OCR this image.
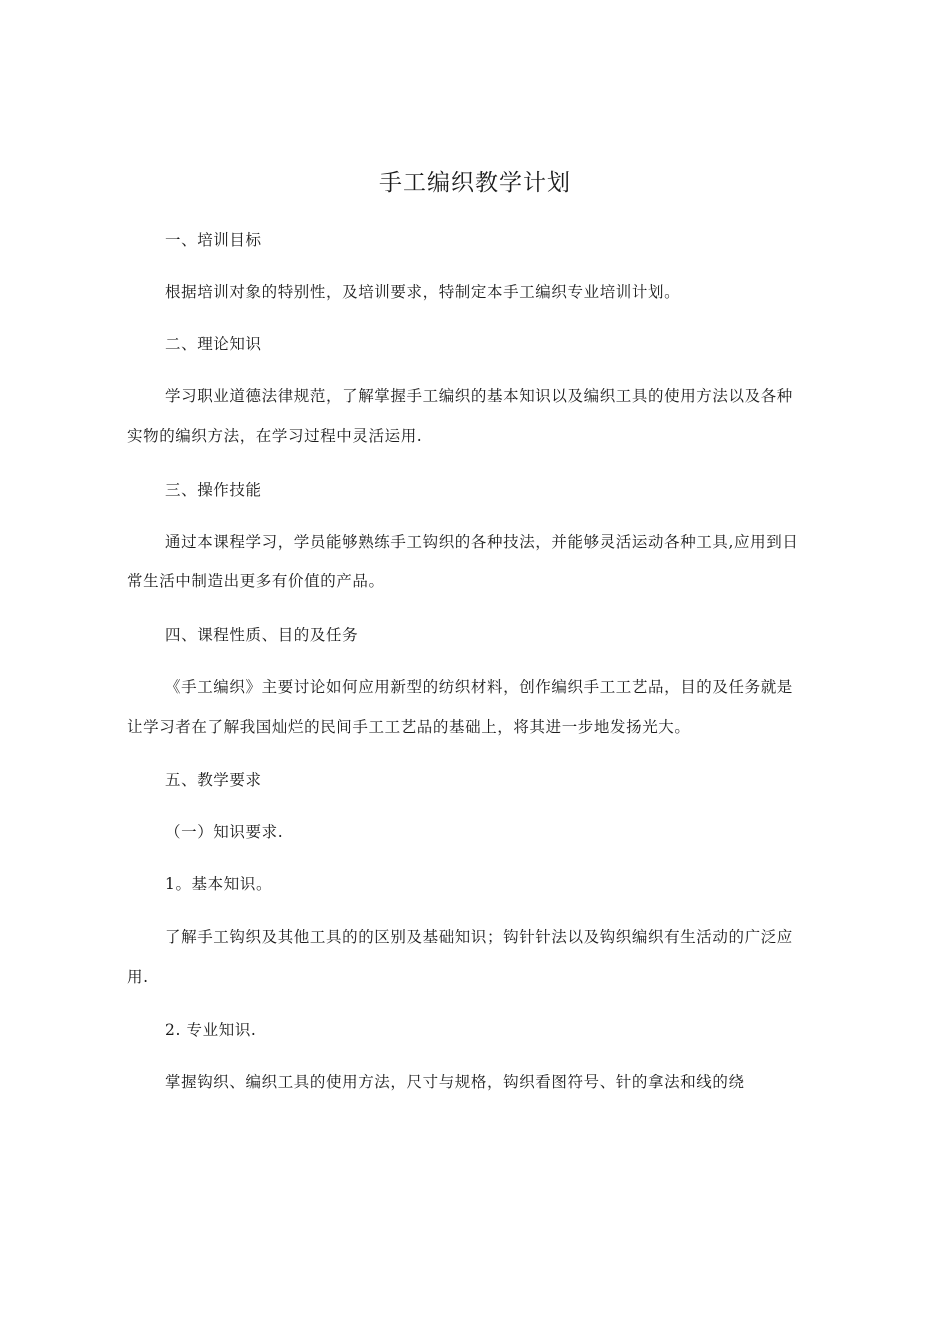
手工编织教学计划
一、培训目标
根据培训对象的特别性，及培训要求，特制定本手工编织专业培训计划。
二、理论知识
学习职业道德法律规范，了解掌握手工编织的基本知识以及编织工具的使用方法以及各种
实物的编织方法，在学习过程中灵活运用.
三、操作技能
通过本课程学习，学员能够熟练手工钩织的各种技法，并能够灵活运动各种工具,应用到日
常生活中制造出更多有价值的产品。
四、课程性质、目的及任务
《手工编织》主要讨论如何应用新型的纺织材料，创作编织手工工艺品，目的及任务就是
让学习者在了解我国灿烂的民间手工工艺品的基础上，将其进一步地发扬光大。
五、教学要求
（一）知识要求.
1。基本知识。
了解手工钩织及其他工具的的区别及基础知识；钩针针法以及钩织编织有生活动的广泛应
用.
2. 专业知识.
掌握钩织、编织工具的使用方法，尺寸与规格，钩织看图符号、针的拿法和线的绕
